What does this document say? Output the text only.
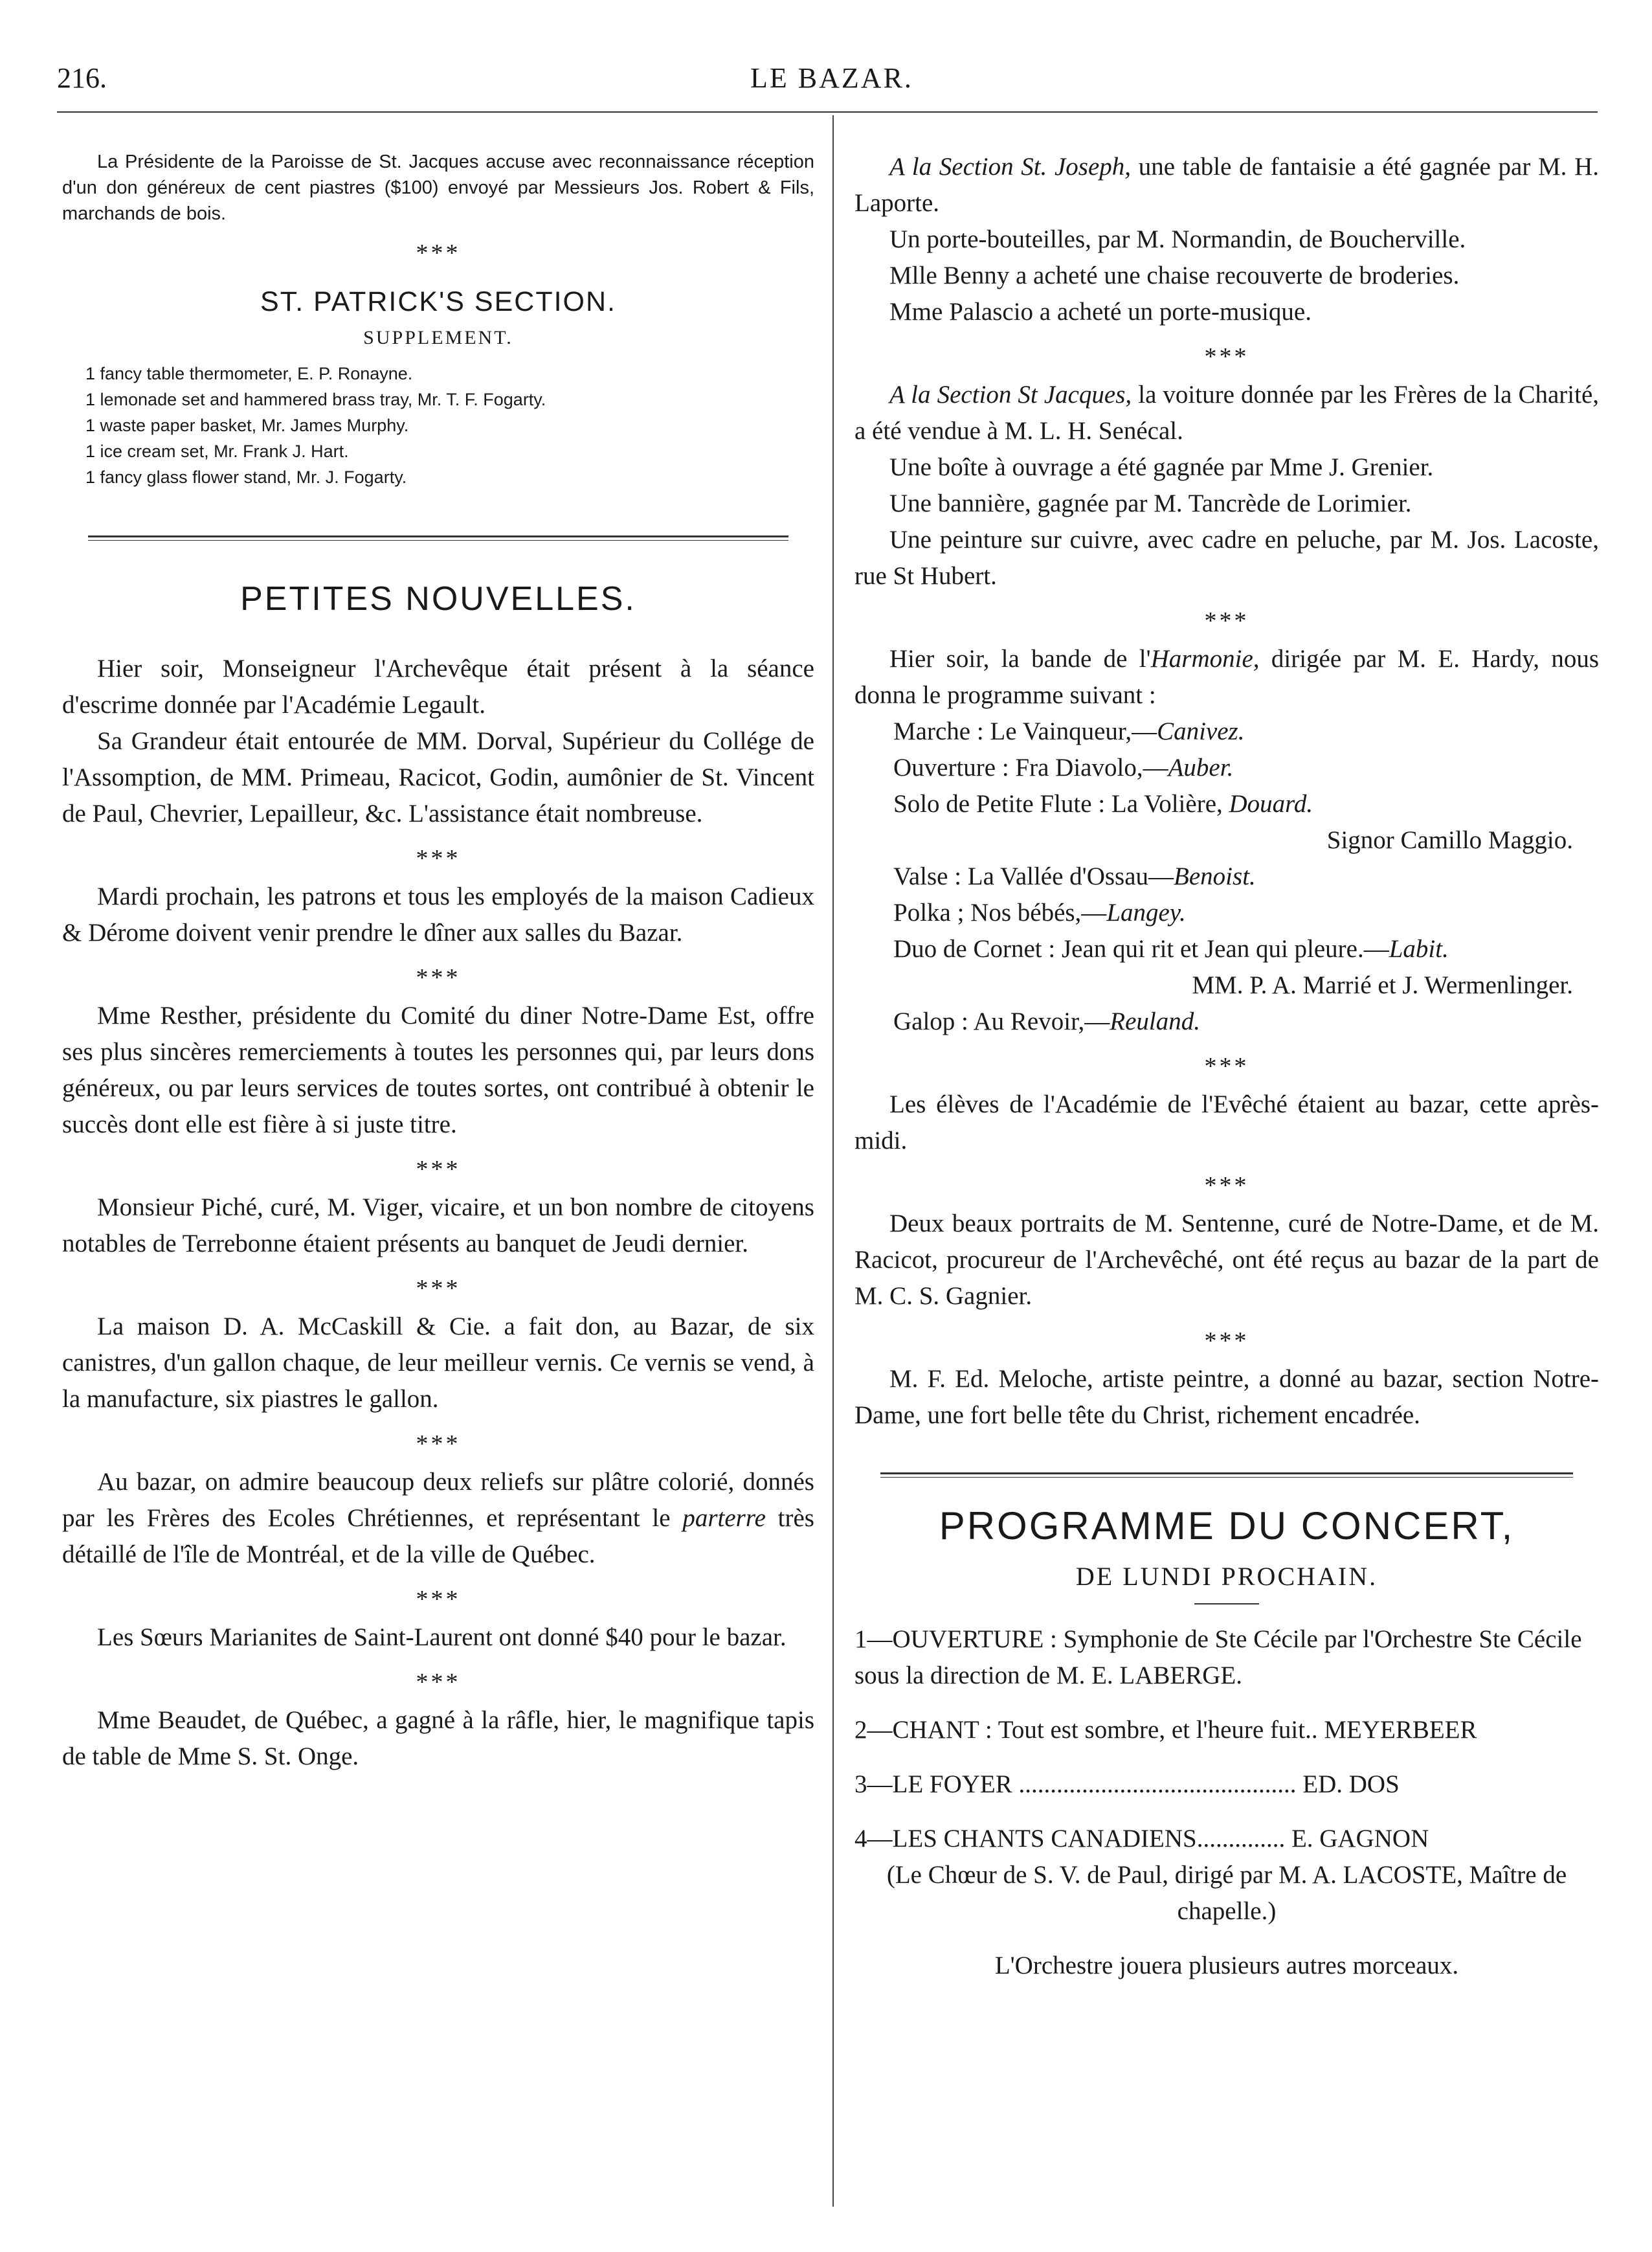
216.	LE BAZAR.

La Présidente de la Paroisse de St. Jacques accuse avec reconnaissance réception d'un don généreux de cent piastres ($100) envoyé par Messieurs Jos. Robert & Fils, marchands de bois.

***
ST. PATRICK'S SECTION.
SUPPLEMENT.
1 fancy table thermometer, E. P. Ronayne.
1 lemonade set and hammered brass tray, Mr. T. F. Fogarty.
1 waste paper basket, Mr. James Murphy.
1 ice cream set, Mr. Frank J. Hart.
1 fancy glass flower stand, Mr. J. Fogarty.
PETITES NOUVELLES.

Hier soir, Monseigneur l'Archevêque était présent à la séance d'escrime donnée par l'Académie Legault.

Sa Grandeur était entourée de MM. Dorval, Supérieur du Collége de l'Assomption, de MM. Primeau, Racicot, Godin, aumônier de St. Vincent de Paul, Chevrier, Lepailleur, &c. L'assistance était nombreuse.

***

Mardi prochain, les patrons et tous les employés de la maison Cadieux & Dérome doivent venir prendre le dîner aux salles du Bazar.

***

Mme Resther, présidente du Comité du diner Notre-Dame Est, offre ses plus sincères remerciements à toutes les personnes qui, par leurs dons généreux, ou par leurs services de toutes sortes, ont contribué à obtenir le succès dont elle est fière à si juste titre.

***

Monsieur Piché, curé, M. Viger, vicaire, et un bon nombre de citoyens notables de Terrebonne étaient présents au banquet de Jeudi dernier.

***

La maison D. A. McCaskill & Cie. a fait don, au Bazar, de six canistres, d'un gallon chaque, de leur meilleur vernis. Ce vernis se vend, à la manufacture, six piastres le gallon.

***

Au bazar, on admire beaucoup deux reliefs sur plâtre colorié, donnés par les Frères des Ecoles Chrétiennes, et représentant le parterre très détaillé de l'île de Montréal, et de la ville de Québec.

***

Les Sœurs Marianites de Saint-Laurent ont donné $40 pour le bazar.

***

Mme Beaudet, de Québec, a gagné à la râfle, hier, le magnifique tapis de table de Mme S. St. Onge.

A la Section St. Joseph, une table de fantaisie a été gagnée par M. H. Laporte.

Un porte-bouteilles, par M. Normandin, de Boucherville.

Mlle Benny a acheté une chaise recouverte de broderies.

Mme Palascio a acheté un porte-musique.

***

A la Section St Jacques, la voiture donnée par les Frères de la Charité, a été vendue à M. L. H. Senécal.

Une boîte à ouvrage a été gagnée par Mme J. Grenier.

Une bannière, gagnée par M. Tancrède de Lorimier.

Une peinture sur cuivre, avec cadre en peluche, par M. Jos. Lacoste, rue St Hubert.

***

Hier soir, la bande de l'Harmonie, dirigée par M. E. Hardy, nous donna le programme suivant :

Marche : Le Vainqueur,—Canivez.
Ouverture : Fra Diavolo,—Auber.
Solo de Petite Flute : La Volière, Douard.
Signor Camillo Maggio.
Valse : La Vallée d'Ossau—Benoist.
Polka ; Nos bébés,—Langey.
Duo de Cornet : Jean qui rit et Jean qui pleure.—Labit.
MM. P. A. Marrié et J. Wermenlinger.
Galop : Au Revoir,—Reuland.
***

Les élèves de l'Académie de l'Evêché étaient au bazar, cette après-midi.

***

Deux beaux portraits de M. Sentenne, curé de Notre-Dame, et de M. Racicot, procureur de l'Archevêché, ont été reçus au bazar de la part de M. C. S. Gagnier.

***

M. F. Ed. Meloche, artiste peintre, a donné au bazar, section Notre-Dame, une fort belle tête du Christ, richement encadrée.

PROGRAMME DU CONCERT,
DE LUNDI PROCHAIN.
1—OUVERTURE : Symphonie de Ste Cécile par l'Orchestre Ste Cécile sous la direction de M. E. LABERGE.
2—CHANT : Tout est sombre, et l'heure fuit.. MEYERBEER
3—LE FOYER ............................................ ED. DOS
4—LES CHANTS CANADIENS.............. E. GAGNON
(Le Chœur de S. V. de Paul, dirigé par M. A. LACOSTE, Maître de chapelle.)
L'Orchestre jouera plusieurs autres morceaux.
